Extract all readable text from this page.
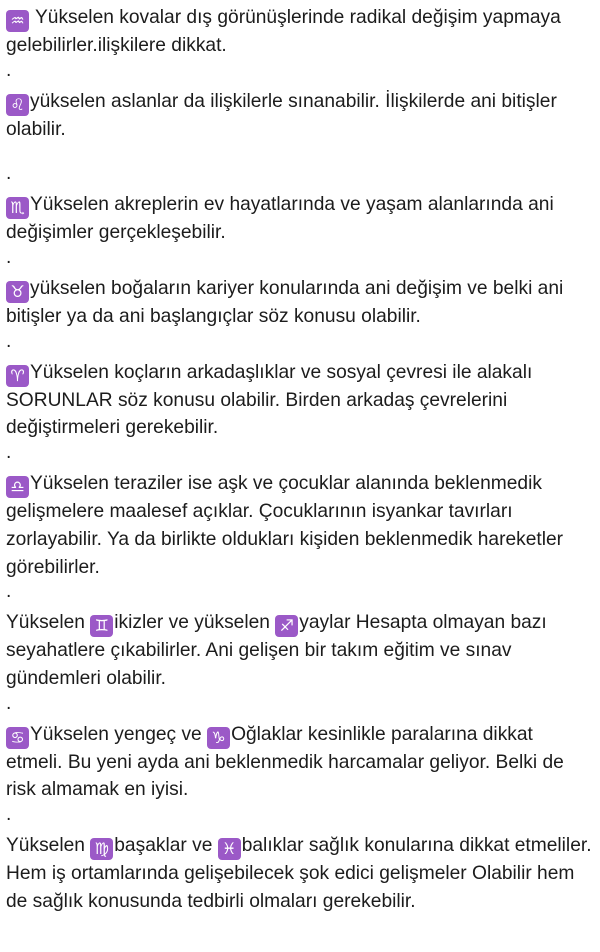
♒ Yükselen kovalar dış görünüşlerinde radikal değişim yapmaya gelebilirler.ilişkilere dikkat.

.

♌ yükselen aslanlar da ilişkilerle sınanabilir. İlişkilerde ani bitişler olabilir.

.

♏ Yükselen akreplerin ev hayatlarında ve yaşam alanlarında ani değişimler gerçekleşebilir.

.

♉ yükselen boğaların kariyer konularında ani değişim ve belki ani bitişler ya da ani başlangıçlar söz konusu olabilir.

.

♈ Yükselen koçların arkadaşlıklar ve sosyal çevresi ile alakalı SORUNLAR söz konusu olabilir. Birden arkadaş çevrelerini değiştirmeleri gerekebilir.

.

♎ Yükselen teraziler ise aşk ve çocuklar alanında beklenmedik gelişmelere maalesef açıklar. Çocuklarının isyankar tavırları zorlayabilir. Ya da birlikte oldukları kişiden beklenmedik hareketler görebilirler.

.

Yükselen ♊ ikizler ve yükselen ♐ yaylar Hesapta olmayan bazı seyahatlere çıkabilirler. Ani gelişen bir takım eğitim ve sınav gündemleri olabilir.

.

♋ Yükselen yengeç ve ♑ Oğlaklar kesinlikle paralarına dikkat etmeli. Bu yeni ayda ani beklenmedik harcamalar geliyor. Belki de risk almamak en iyisi.

.

Yükselen ♍ başaklar ve ♓ balıklar sağlık konularına dikkat etmeliler. Hem iş ortamlarında gelişebilecek şok edici gelişmeler Olabilir hem de sağlık konusunda tedbirli olmaları gerekebilir.
